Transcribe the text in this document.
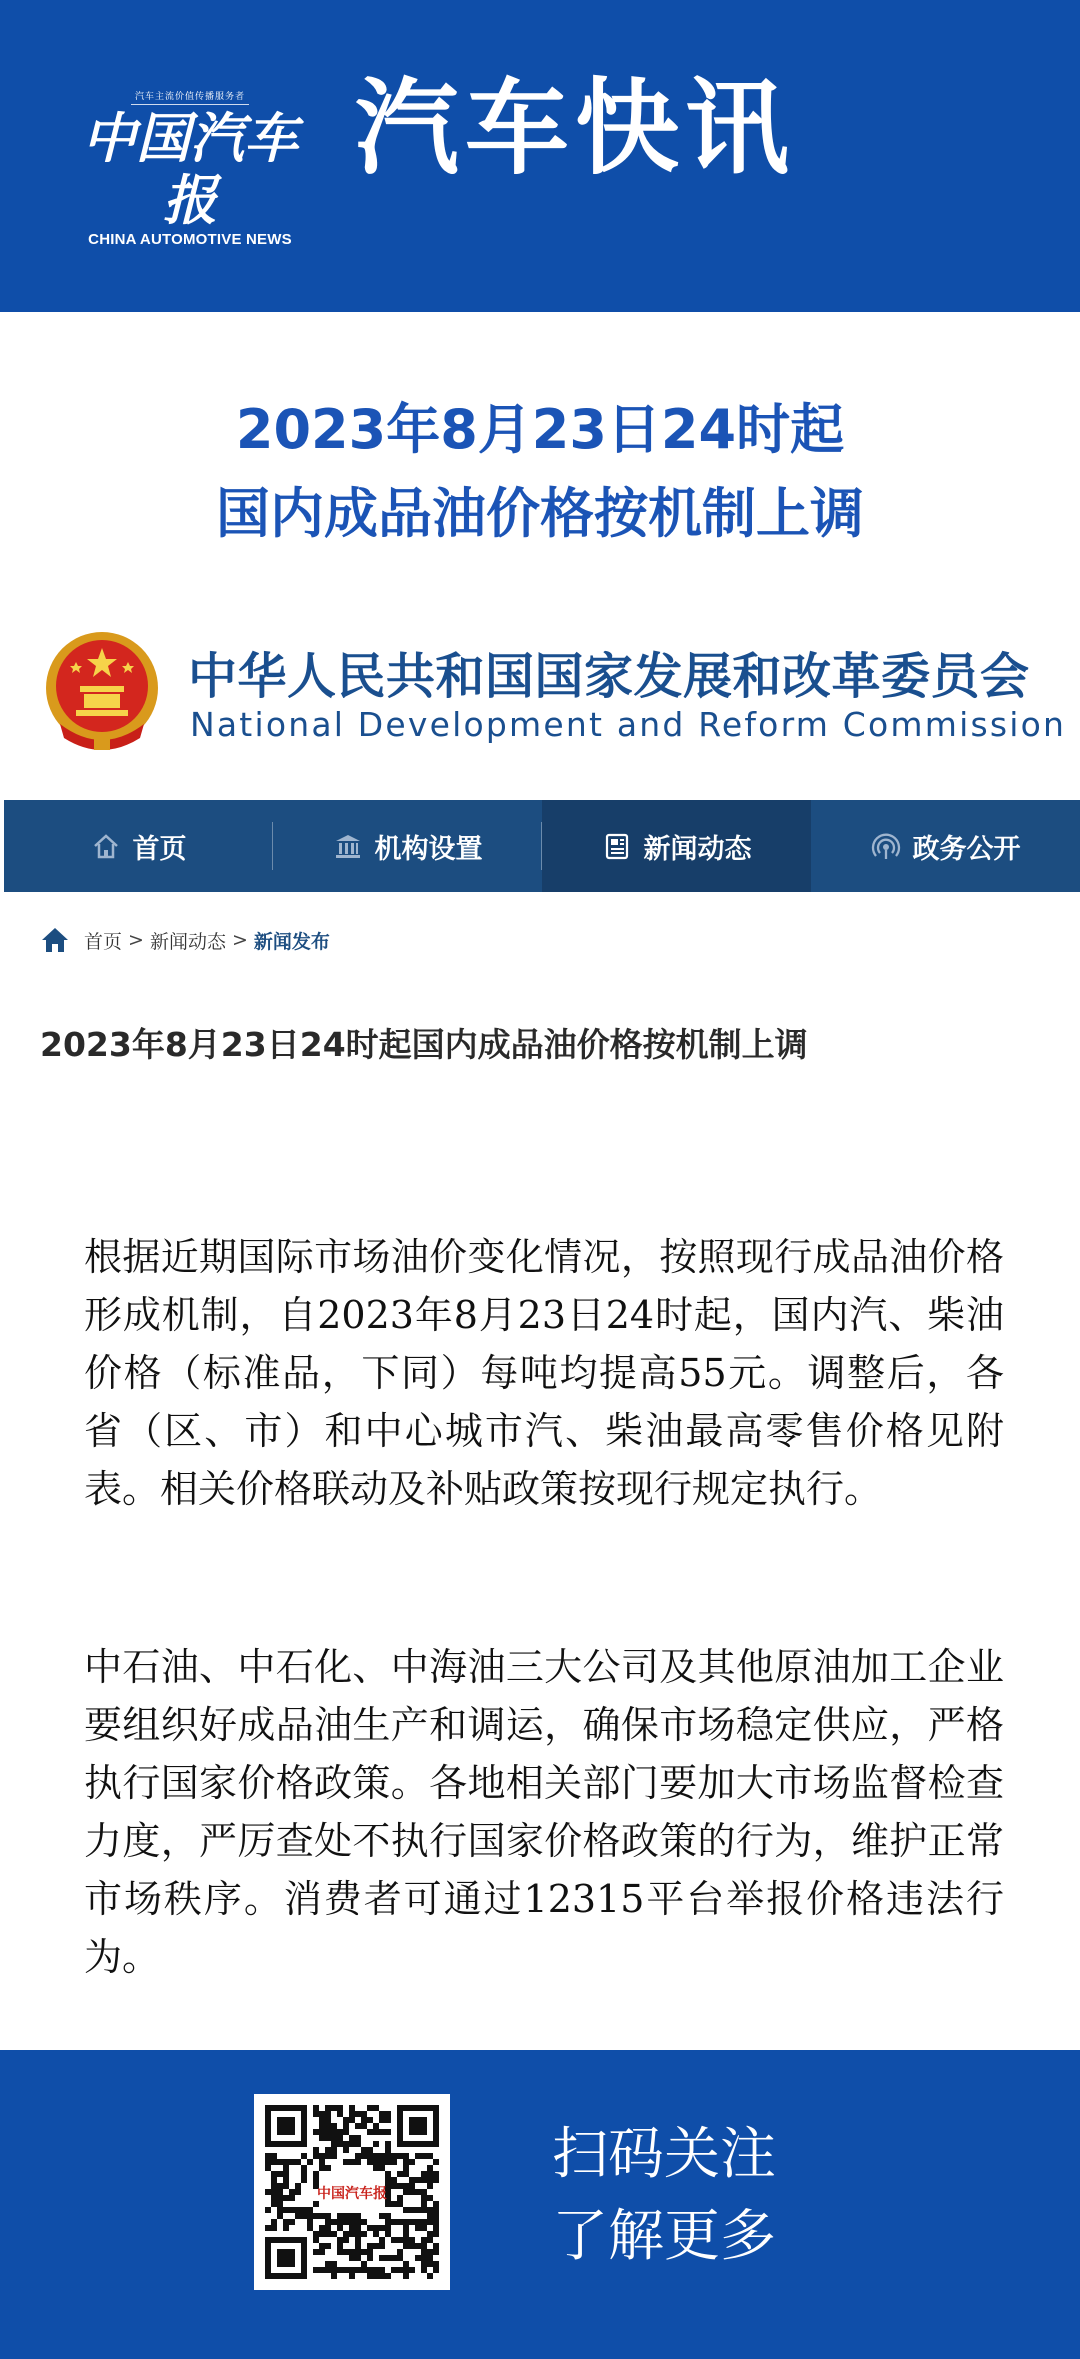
汽车主流价值传播服务者
中国汽车报
CHINA AUTOMOTIVE NEWS
汽车快讯
2023年8月23日24时起
国内成品油价格按机制上调
中华人民共和国国家发展和改革委员会
National Development and Reform Commission
首页	机构设置	新闻动态	政务公开
首页 > 新闻动态 > 新闻发布
2023年8月23日24时起国内成品油价格按机制上调
根据近期国际市场油价变化情况，按照现行成品油价格形成机制，自2023年8月23日24时起，国内汽、柴油价格（标准品，下同）每吨均提高55元。调整后，各省（区、市）和中心城市汽、柴油最高零售价格见附表。相关价格联动及补贴政策按现行规定执行。
中石油、中石化、中海油三大公司及其他原油加工企业要组织好成品油生产和调运，确保市场稳定供应，严格执行国家价格政策。各地相关部门要加大市场监督检查力度，严厉查处不执行国家价格政策的行为，维护正常市场秩序。消费者可通过12315平台举报价格违法行为。
中国汽车报
扫码关注
了解更多
